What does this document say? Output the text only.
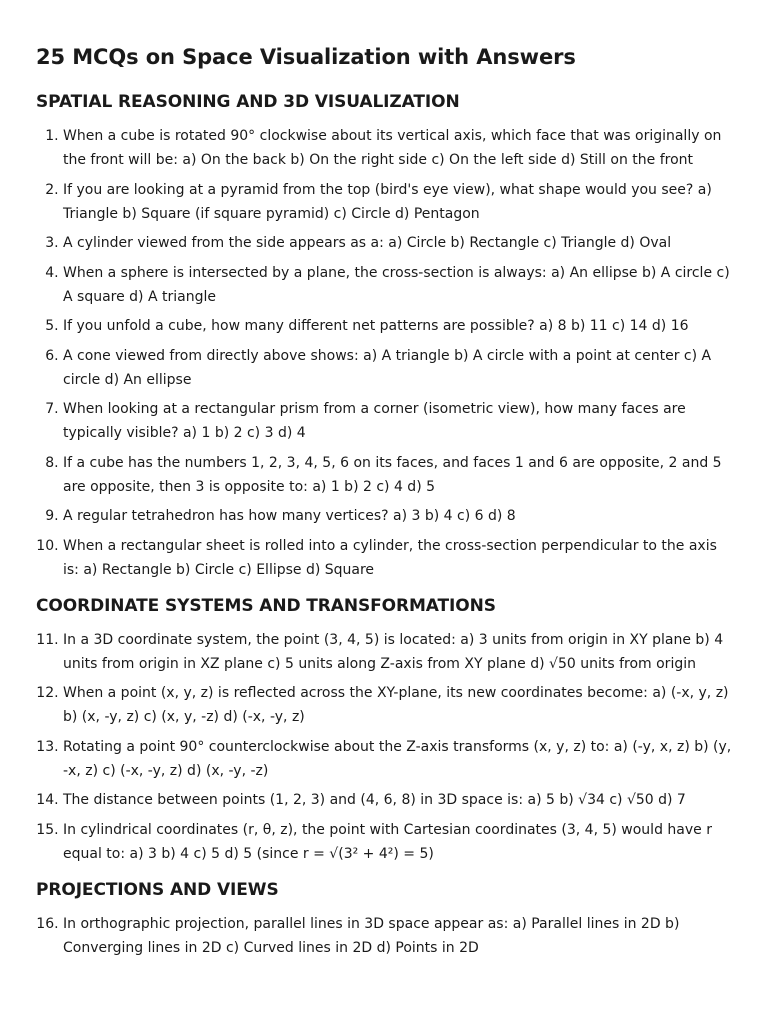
25 MCQs on Space Visualization with Answers
SPATIAL REASONING AND 3D VISUALIZATION
1. When a cube is rotated 90° clockwise about its vertical axis, which face that was originally on the front will be: a) On the back b) On the right side c) On the left side d) Still on the front
2. If you are looking at a pyramid from the top (bird's eye view), what shape would you see? a) Triangle b) Square (if square pyramid) c) Circle d) Pentagon
3. A cylinder viewed from the side appears as a: a) Circle b) Rectangle c) Triangle d) Oval
4. When a sphere is intersected by a plane, the cross-section is always: a) An ellipse b) A circle c) A square d) A triangle
5. If you unfold a cube, how many different net patterns are possible? a) 8 b) 11 c) 14 d) 16
6. A cone viewed from directly above shows: a) A triangle b) A circle with a point at center c) A circle d) An ellipse
7. When looking at a rectangular prism from a corner (isometric view), how many faces are typically visible? a) 1 b) 2 c) 3 d) 4
8. If a cube has the numbers 1, 2, 3, 4, 5, 6 on its faces, and faces 1 and 6 are opposite, 2 and 5 are opposite, then 3 is opposite to: a) 1 b) 2 c) 4 d) 5
9. A regular tetrahedron has how many vertices? a) 3 b) 4 c) 6 d) 8
10. When a rectangular sheet is rolled into a cylinder, the cross-section perpendicular to the axis is: a) Rectangle b) Circle c) Ellipse d) Square
COORDINATE SYSTEMS AND TRANSFORMATIONS
11. In a 3D coordinate system, the point (3, 4, 5) is located: a) 3 units from origin in XY plane b) 4 units from origin in XZ plane c) 5 units along Z-axis from XY plane d) √50 units from origin
12. When a point (x, y, z) is reflected across the XY-plane, its new coordinates become: a) (-x, y, z) b) (x, -y, z) c) (x, y, -z) d) (-x, -y, z)
13. Rotating a point 90° counterclockwise about the Z-axis transforms (x, y, z) to: a) (-y, x, z) b) (y, -x, z) c) (-x, -y, z) d) (x, -y, -z)
14. The distance between points (1, 2, 3) and (4, 6, 8) in 3D space is: a) 5 b) √34 c) √50 d) 7
15. In cylindrical coordinates (r, θ, z), the point with Cartesian coordinates (3, 4, 5) would have r equal to: a) 3 b) 4 c) 5 d) 5 (since r = √(3² + 4²) = 5)
PROJECTIONS AND VIEWS
16. In orthographic projection, parallel lines in 3D space appear as: a) Parallel lines in 2D b) Converging lines in 2D c) Curved lines in 2D d) Points in 2D
